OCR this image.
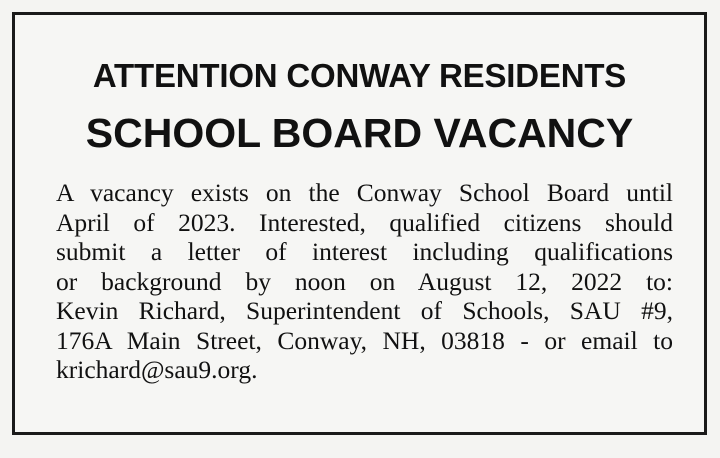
ATTENTION CONWAY RESIDENTS
SCHOOL BOARD VACANCY

A vacancy exists on the Conway School Board until
April of 2023. Interested, qualified citizens should
submit a letter of interest including qualifications
or background by noon on August 12, 2022 to:
Kevin Richard, Superintendent of Schools, SAU #9,
176A Main Street, Conway, NH, 03818 - or email to
krichard@sau9.org.
